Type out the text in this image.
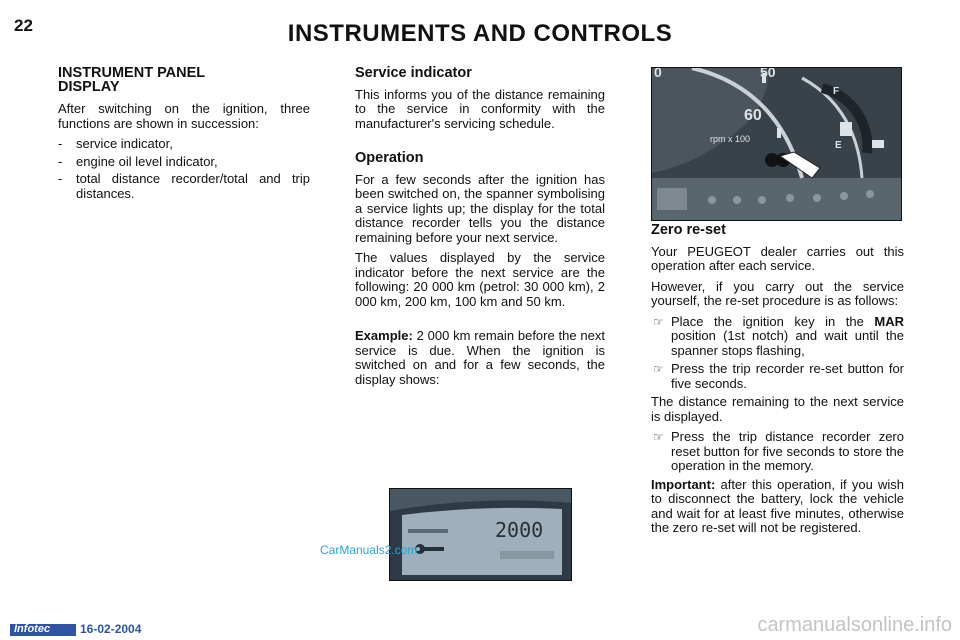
22	INSTRUMENTS AND CONTROLS
INSTRUMENT PANEL
DISPLAY

After switching on the ignition, three functions are shown in succession:

- service indicator,
- engine oil level indicator,
- total distance recorder/total and trip distances.
Service indicator

This informs you of the distance remaining to the service in conformity with the manufacturer's servicing schedule.

Operation

For a few seconds after the ignition has been switched on, the spanner symbolising a service lights up; the display for the total distance recorder tells you the distance remaining before your next service.

The values displayed by the service indicator before the next service are the following: 20 000 km (petrol: 30 000 km), 2 000 km, 200 km, 100 km and 50 km.

Example: 2 000 km remain before the next service is due. When the ignition is switched on and for a few seconds, the display shows:

0	50
60
rpm x 100
F
E
Zero re-set

Your PEUGEOT dealer carries out this operation after each service.

However, if you carry out the service yourself, the re-set procedure is as follows:

☞ Place the ignition key in the MAR position (1st notch) and wait until the spanner stops flashing,
☞ Press the trip recorder re-set button for five seconds.

The distance remaining to the next service is displayed.

☞ Press the trip distance recorder zero reset button for five seconds to store the operation in the memory.

Important: after this operation, if you wish to disconnect the battery, lock the vehicle and wait for at least five minutes, otherwise the zero re-set will not be registered.

2000
CarManuals2.com
Infotec 16-02-2004	carmanualsonline.info
